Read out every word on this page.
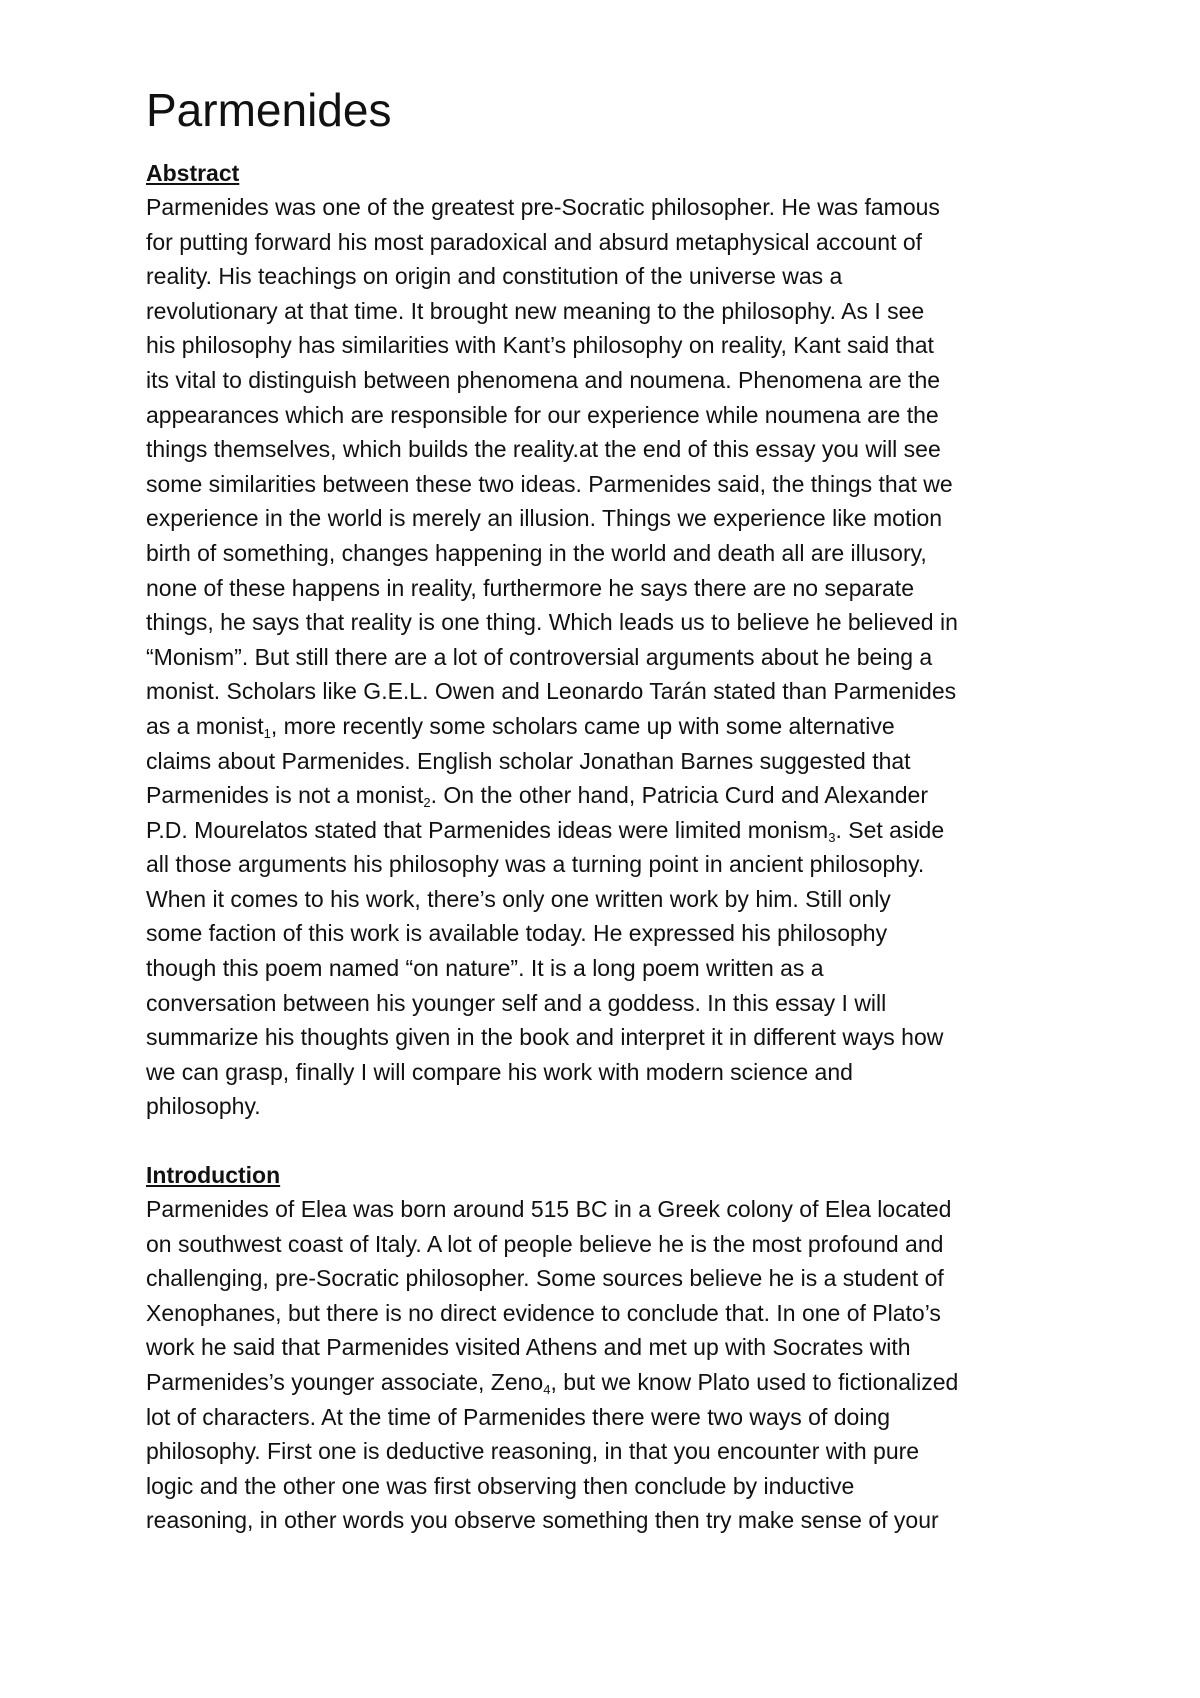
Parmenides
Abstract
Parmenides was one of the greatest pre-Socratic philosopher. He was famous
for putting forward his most paradoxical and absurd metaphysical account of
reality. His teachings on origin and constitution of the universe was a
revolutionary at that time. It brought new meaning to the philosophy. As I see
his philosophy has similarities with Kant’s philosophy on reality, Kant said that
its vital to distinguish between phenomena and noumena. Phenomena are the
appearances which are responsible for our experience while noumena are the
things themselves, which builds the reality.at the end of this essay you will see
some similarities between these two ideas. Parmenides said, the things that we
experience in the world is merely an illusion. Things we experience like motion
birth of something, changes happening in the world and death all are illusory,
none of these happens in reality, furthermore he says there are no separate
things, he says that reality is one thing. Which leads us to believe he believed in
“Monism”. But still there are a lot of controversial arguments about he being a
monist. Scholars like G.E.L. Owen and Leonardo Tarán stated than Parmenides
as a monist$_1$, more recently some scholars came up with some alternative
claims about Parmenides. English scholar Jonathan Barnes suggested that
Parmenides is not a monist$_2$. On the other hand, Patricia Curd and Alexander
P.D. Mourelatos stated that Parmenides ideas were limited monism$_3$. Set aside
all those arguments his philosophy was a turning point in ancient philosophy.
When it comes to his work, there’s only one written work by him. Still only
some faction of this work is available today. He expressed his philosophy
though this poem named “on nature”. It is a long poem written as a
conversation between his younger self and a goddess. In this essay I will
summarize his thoughts given in the book and interpret it in different ways how
we can grasp, finally I will compare his work with modern science and
philosophy.
Introduction
Parmenides of Elea was born around 515 BC in a Greek colony of Elea located
on southwest coast of Italy. A lot of people believe he is the most profound and
challenging, pre-Socratic philosopher. Some sources believe he is a student of
Xenophanes, but there is no direct evidence to conclude that. In one of Plato’s
work he said that Parmenides visited Athens and met up with Socrates with
Parmenides’s younger associate, Zeno$_4$, but we know Plato used to fictionalized
lot of characters. At the time of Parmenides there were two ways of doing
philosophy. First one is deductive reasoning, in that you encounter with pure
logic and the other one was first observing then conclude by inductive
reasoning, in other words you observe something then try make sense of your
